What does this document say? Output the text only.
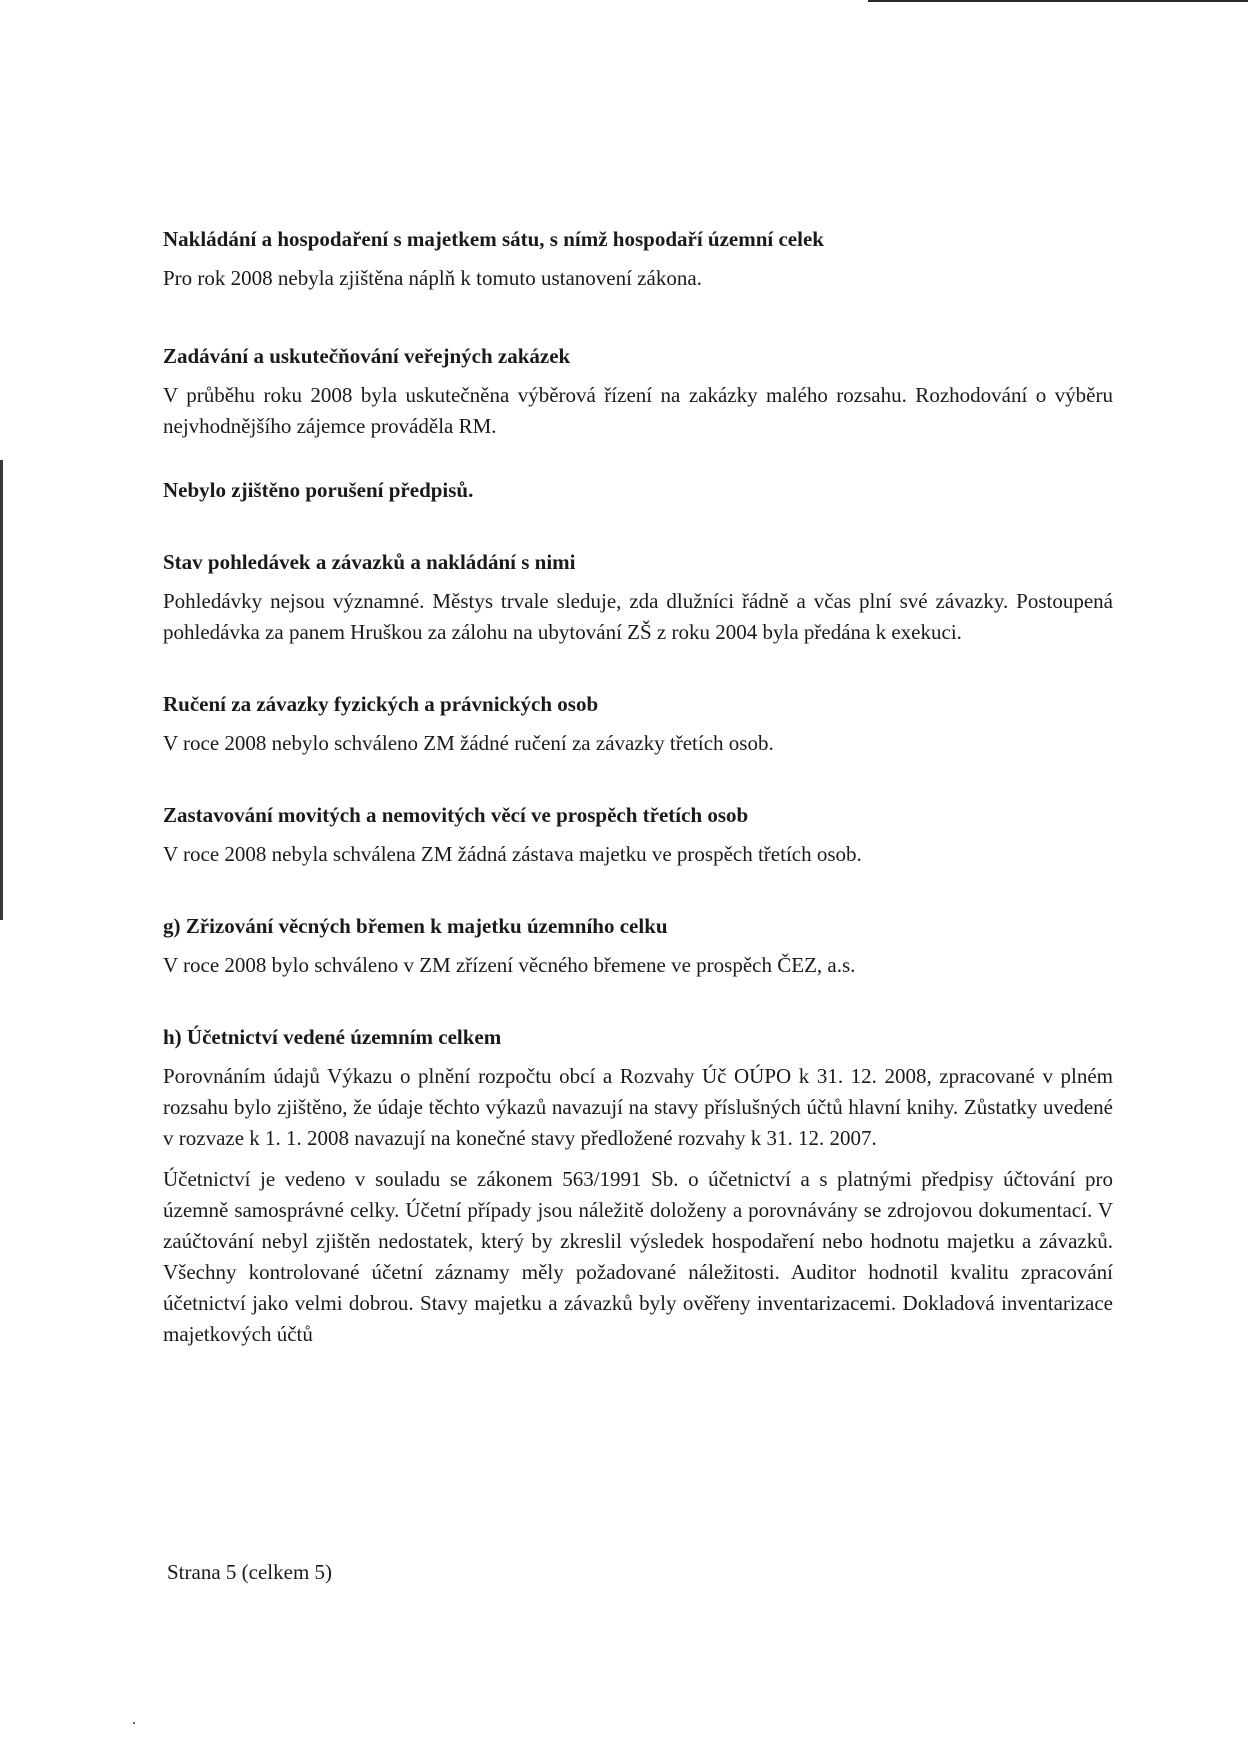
Nakládání a hospodaření s majetkem sátu, s nímž hospodaří územní celek

Pro rok 2008 nebyla zjištěna náplň k tomuto ustanovení zákona.

Zadávání a uskutečňování veřejných zakázek

V průběhu roku 2008 byla uskutečněna výběrová řízení na zakázky malého rozsahu. Rozhodování o výběru nejvhodnějšího zájemce prováděla RM.

Nebylo zjištěno porušení předpisů.
Stav pohledávek a závazků a nakládání s nimi

Pohledávky nejsou významné. Městys trvale sleduje, zda dlužníci řádně a včas plní své závazky. Postoupená pohledávka za panem Hruškou za zálohu na ubytování ZŠ z roku 2004 byla předána k exekuci.

Ručení za závazky fyzických a právnických osob

V roce 2008 nebylo schváleno ZM žádné ručení za závazky třetích osob.

Zastavování movitých a nemovitých věcí ve prospěch třetích osob

V roce 2008 nebyla schválena ZM žádná zástava majetku ve prospěch třetích osob.

g) Zřizování věcných břemen k majetku územního celku

V roce 2008 bylo schváleno v ZM zřízení věcného břemene ve prospěch ČEZ, a.s.

h) Účetnictví vedené územním celkem

Porovnáním údajů Výkazu o plnění rozpočtu obcí a Rozvahy Úč OÚPO k 31. 12. 2008, zpracované v plném rozsahu bylo zjištěno, že údaje těchto výkazů navazují na stavy příslušných účtů hlavní knihy. Zůstatky uvedené v rozvaze k 1. 1. 2008 navazují na konečné stavy předložené rozvahy k 31. 12. 2007.

Účetnictví je vedeno v souladu se zákonem 563/1991 Sb. o účetnictví a s platnými předpisy účtování pro územně samosprávné celky. Účetní případy jsou náležitě doloženy a porovnávány se zdrojovou dokumentací. V zaúčtování nebyl zjištěn nedostatek, který by zkreslil výsledek hospodaření nebo hodnotu majetku a závazků. Všechny kontrolované účetní záznamy měly požadované náležitosti. Auditor hodnotil kvalitu zpracování účetnictví jako velmi dobrou. Stavy majetku a závazků byly ověřeny inventarizacemi. Dokladová inventarizace majetkových účtů

Strana 5 (celkem 5)
